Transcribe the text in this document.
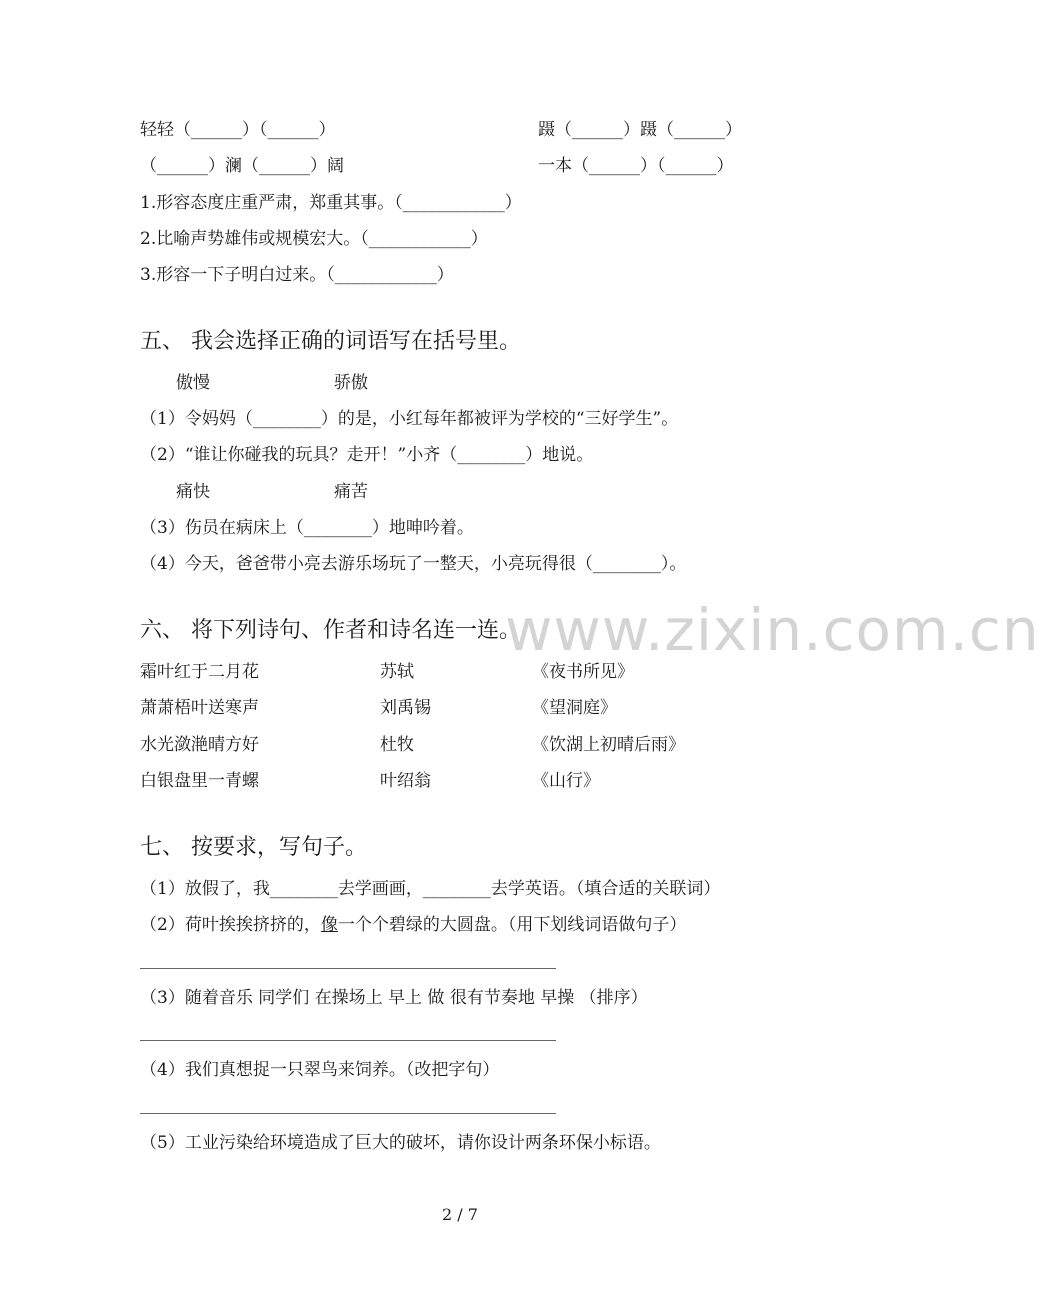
www.zixin.com.cn
轻轻（______）（______）	蹑（______）蹑（______）
（______）澜（______）阔	一本（______）（______）
1.形容态度庄重严肃，郑重其事。（____________）
2.比喻声势雄伟或规模宏大。（____________）
3.形容一下子明白过来。（____________）
五、 我会选择正确的词语写在括号里。
傲慢	骄傲
（1）令妈妈（________）的是，小红每年都被评为学校的“三好学生”。
（2）“谁让你碰我的玩具？走开！”小齐（________）地说。
痛快	痛苦
（3）伤员在病床上（________）地呻吟着。
（4）今天，爸爸带小亮去游乐场玩了一整天，小亮玩得很（________）。
六、 将下列诗句、作者和诗名连一连。
霜叶红于二月花	苏轼	《夜书所见》
萧萧梧叶送寒声	刘禹锡	《望洞庭》
水光潋滟晴方好	杜牧	《饮湖上初晴后雨》
白银盘里一青螺	叶绍翁	《山行》
七、 按要求，写句子。
（1）放假了，我________去学画画，________去学英语。（填合适的关联词）
（2）荷叶挨挨挤挤的，像一个个碧绿的大圆盘。（用下划线词语做句子）
（3）随着音乐 同学们 在操场上 早上 做 很有节奏地 早操 （排序）
（4）我们真想捉一只翠鸟来饲养。（改把字句）
（5）工业污染给环境造成了巨大的破坏，请你设计两条环保小标语。
2 / 7
